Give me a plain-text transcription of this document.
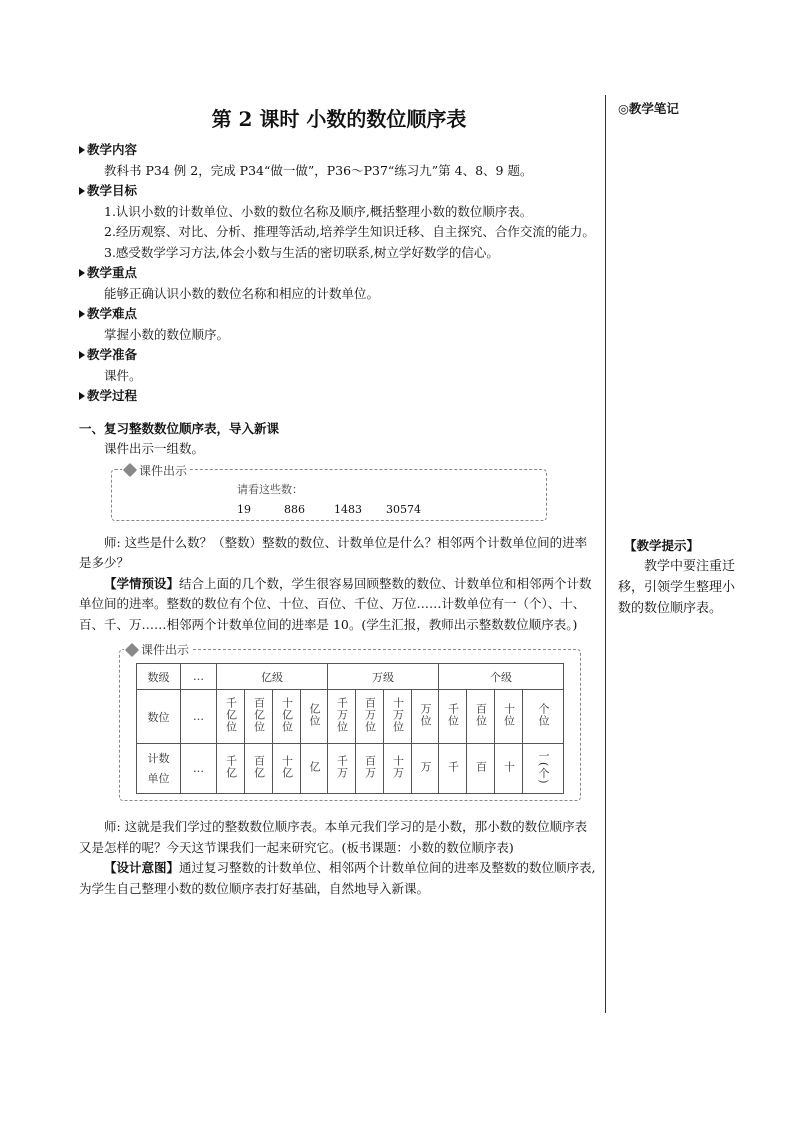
第 2 课时 小数的数位顺序表
教学内容

教科书 P34 例 2，完成 P34“做一做”，P36～P37“练习九”第 4、8、9 题。

教学目标

1.认识小数的计数单位、小数的数位名称及顺序,概括整理小数的数位顺序表。

2.经历观察、对比、分析、推理等活动,培养学生知识迁移、自主探究、合作交流的能力。

3.感受数学学习方法,体会小数与生活的密切联系,树立学好数学的信心。

教学重点

能够正确认识小数的数位名称和相应的计数单位。

教学难点

掌握小数的数位顺序。

教学准备

课件。

教学过程
一、复习整数数位顺序表，导入新课

课件出示一组数。

课件出示
请看这些数：
19	886	1483	30574

师: 这些是什么数？（整数）整数的数位、计数单位是什么？相邻两个计数单位间的进率是多少？

【学情预设】结合上面的几个数，学生很容易回顾整数的数位、计数单位和相邻两个计数单位间的进率。整数的数位有个位、十位、百位、千位、万位……计数单位有一（个）、十、百、千、万……相邻两个计数单位间的进率是 10。(学生汇报，教师出示整数数位顺序表。)

课件出示
数级	…	亿级				万级				个级			
数位	…	千亿位	百亿位	十亿位	亿位	千万位	百万位	十万位	万位	千位	百位	十位	个位
计数单位	…	千亿	百亿	十亿	亿	千万	百万	十万	万	千	百	十	一(个)

师: 这就是我们学过的整数数位顺序表。本单元我们学习的是小数，那小数的数位顺序表又是怎样的呢？今天这节课我们一起来研究它。(板书课题：小数的数位顺序表)

【设计意图】通过复习整数的计数单位、相邻两个计数单位间的进率及整数的数位顺序表,为学生自己整理小数的数位顺序表打好基础，自然地导入新课。

◎教学笔记
【教学提示】
教学中要注重迁移，引领学生整理小数的数位顺序表。
